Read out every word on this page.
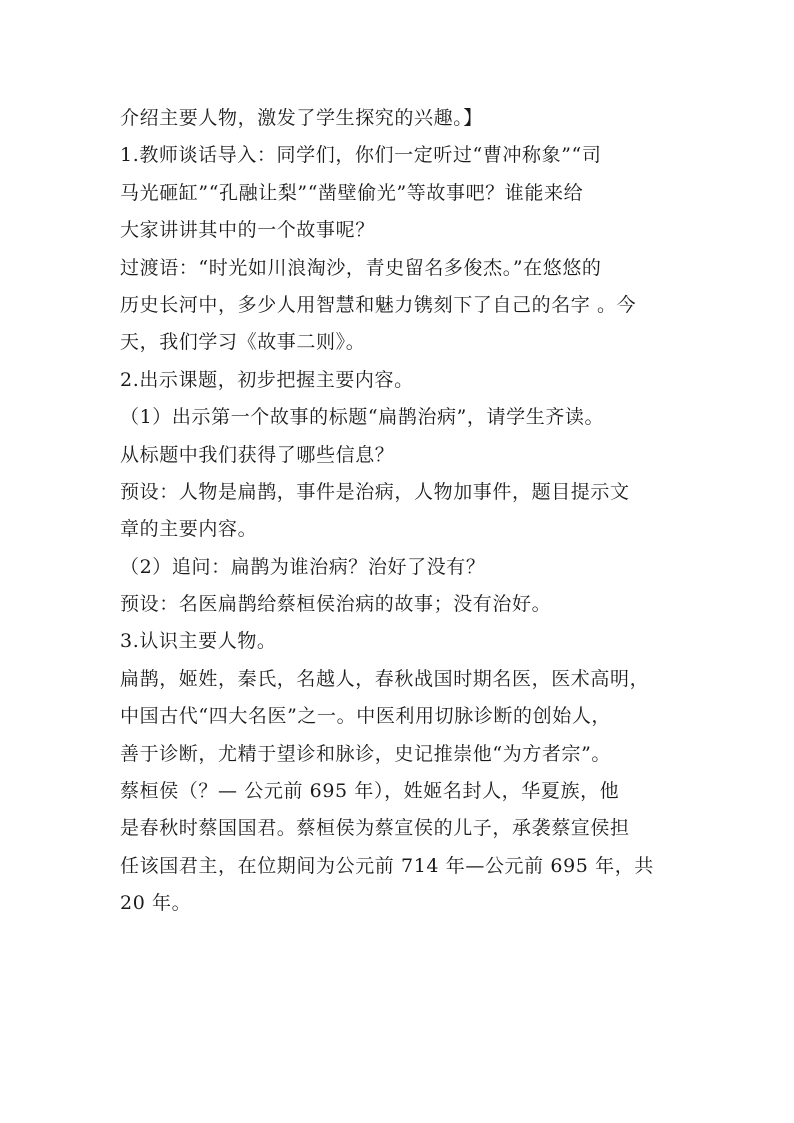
介绍主要人物，激发了学生探究的兴趣。】

1.教师谈话导入：同学们，你们一定听过“曹冲称象”“司

马光砸缸”“孔融让梨”“凿壁偷光”等故事吧？谁能来给

大家讲讲其中的一个故事呢？

过渡语：“时光如川浪淘沙，青史留名多俊杰。”在悠悠的

历史长河中，多少人用智慧和魅力镌刻下了自己的名字 。今

天，我们学习《故事二则》。

2.出示课题，初步把握主要内容。

（1）出示第一个故事的标题“扁鹊治病”，请学生齐读。

从标题中我们获得了哪些信息？

预设：人物是扁鹊，事件是治病，人物加事件，题目提示文

章的主要内容。

（2）追问：扁鹊为谁治病？治好了没有？

预设：名医扁鹊给蔡桓侯治病的故事；没有治好。

3.认识主要人物。

扁鹊，姬姓，秦氏，名越人，春秋战国时期名医，医术高明，

中国古代“四大名医”之一。中医利用切脉诊断的创始人，

善于诊断，尤精于望诊和脉诊，史记推崇他“为方者宗”。

蔡桓侯（？— 公元前 695 年），姓姬名封人，华夏族，他

是春秋时蔡国国君。蔡桓侯为蔡宣侯的儿子，承袭蔡宣侯担

任该国君主，在位期间为公元前 714 年—公元前 695 年，共

20 年。
